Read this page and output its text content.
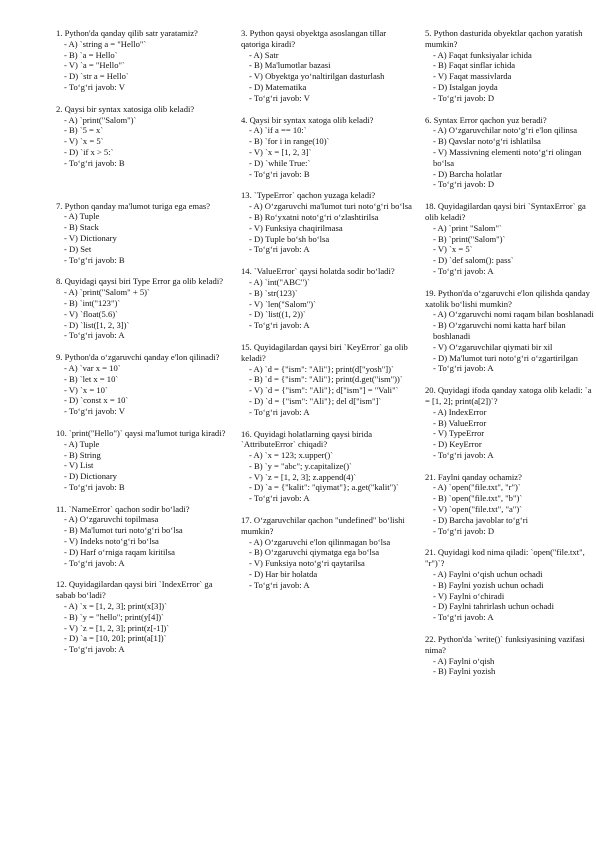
1. Python'da qanday qilib satr yaratamiz?
- A) `string a = "Hello"`
- B) `a = Hello`
- V) `a = "Hello"`
- D) `str a = Hello`
- To‘g‘ri javob: V
2. Qaysi bir syntax xatosiga olib keladi?
- A) `print("Salom")`
- B) `5 = x`
- V) `x = 5`
- D) `if x > 5:`
- To‘g‘ri javob: B
7. Python qanday ma'lumot turiga ega emas?
- A) Tuple
- B) Stack
- V) Dictionary
- D) Set
- To‘g‘ri javob: B
8. Quyidagi qaysi biri Type Error ga olib keladi?
- A) `print("Salom" + 5)`
- B) `int("123")`
- V) `float(5.6)`
- D) `list([1, 2, 3])`
- To‘g‘ri javob: A
9. Python'da o‘zgaruvchi qanday e'lon qilinadi?
- A) `var x = 10`
- B) `let x = 10`
- V) `x = 10`
- D) `const x = 10`
- To‘g‘ri javob: V
10. `print("Hello")` qaysi ma'lumot turiga kiradi?
- A) Tuple
- B) String
- V) List
- D) Dictionary
- To‘g‘ri javob: B
11. `NameError` qachon sodir bo‘ladi?
- A) O‘zgaruvchi topilmasa
- B) Ma'lumot turi noto‘g‘ri bo‘lsa
- V) Indeks noto‘g‘ri bo‘lsa
- D) Harf o‘rniga raqam kiritilsa
- To‘g‘ri javob: A
12. Quyidagilardan qaysi biri `IndexError` ga sabab bo‘ladi?
- A) `x = [1, 2, 3]; print(x[3])`
- B) `y = "hello"; print(y[4])`
- V) `z = [1, 2, 3]; print(z[-1])`
- D) `a = [10, 20]; print(a[1])`
- To‘g‘ri javob: A
3. Python qaysi obyektga asoslangan tillar qatoriga kiradi?
- A) Satr
- B) Ma'lumotlar bazasi
- V) Obyektga yo‘naltirilgan dasturlash
- D) Matematika
- To‘g‘ri javob: V
4. Qaysi bir syntax xatoga olib keladi?
- A) `if a == 10:`
- B) `for i in range(10)`
- V) `x = [1, 2, 3]`
- D) `while True:`
- To‘g‘ri javob: B
13. `TypeError` qachon yuzaga keladi?
- A) O‘zgaruvchi ma'lumot turi noto‘g‘ri bo‘lsa
- B) Ro‘yxatni noto‘g‘ri o‘zlashtirilsa
- V) Funksiya chaqirilmasa
- D) Tuple bo‘sh bo‘lsa
- To‘g‘ri javob: A
14. `ValueError` qaysi holatda sodir bo‘ladi?
- A) `int("ABC")`
- B) `str(123)`
- V) `len("Salom")`
- D) `list((1, 2))`
- To‘g‘ri javob: A
15. Quyidagilardan qaysi biri `KeyError` ga olib keladi?
- A) `d = {"ism": "Ali"}; print(d["yosh"])`
- B) `d = {"ism": "Ali"}; print(d.get("ism"))`
- V) `d = {"ism": "Ali"}; d["ism"] = "Vali"`
- D) `d = {"ism": "Ali"}; del d["ism"]`
- To‘g‘ri javob: A
16. Quyidagi holatlarning qaysi birida `AttributeError` chiqadi?
- A) `x = 123; x.upper()`
- B) `y = "abc"; y.capitalize()`
- V) `z = [1, 2, 3]; z.append(4)`
- D) `a = {"kalit": "qiymat"}; a.get("kalit")`
- To‘g‘ri javob: A
17. O‘zgaruvchilar qachon "undefined" bo‘lishi mumkin?
- A) O‘zgaruvchi e'lon qilinmagan bo‘lsa
- B) O‘zgaruvchi qiymatga ega bo‘lsa
- V) Funksiya noto‘g‘ri qaytarilsa
- D) Har bir holatda
- To‘g‘ri javob: A
5. Python dasturida obyektlar qachon yaratish mumkin?
- A) Faqat funksiyalar ichida
- B) Faqat sinflar ichida
- V) Faqat massivlarda
- D) Istalgan joyda
- To‘g‘ri javob: D
6. Syntax Error qachon yuz beradi?
- A) O‘zgaruvchilar noto‘g‘ri e'lon qilinsa
- B) Qavslar noto‘g‘ri ishlatilsa
- V) Massivning elementi noto‘g‘ri olingan bo‘lsa
- D) Barcha holatlar
- To‘g‘ri javob: D
18. Quyidagilardan qaysi biri `SyntaxError` ga olib keladi?
- A) `print "Salom"`
- B) `print("Salom")`
- V) `x = 5`
- D) `def salom(): pass`
- To‘g‘ri javob: A
19. Python'da o‘zgaruvchi e'lon qilishda qanday xatolik bo‘lishi mumkin?
- A) O‘zgaruvchi nomi raqam bilan boshlanadi
- B) O‘zgaruvchi nomi katta harf bilan boshlanadi
- V) O‘zgaruvchilar qiymati bir xil
- D) Ma'lumot turi noto‘g‘ri o‘zgartirilgan
- To‘g‘ri javob: A
20. Quyidagi ifoda qanday xatoga olib keladi: `a = [1, 2]; print(a[2])`?
- A) IndexError
- B) ValueError
- V) TypeError
- D) KeyError
- To‘g‘ri javob: A
21. Faylni qanday ochamiz?
- A) `open("file.txt", "r")`
- B) `open("file.txt", "b")`
- V) `open("file.txt", "a")`
- D) Barcha javoblar to‘g‘ri
- To‘g‘ri javob: D
21. Quyidagi kod nima qiladi: `open("file.txt", "r")`?
- A) Faylni o‘qish uchun ochadi
- B) Faylni yozish uchun ochadi
- V) Faylni o‘chiradi
- D) Faylni tahrirlash uchun ochadi
- To‘g‘ri javob: A
22. Python'da `write()` funksiyasining vazifasi nima?
- A) Faylni o‘qish
- B) Faylni yozish
